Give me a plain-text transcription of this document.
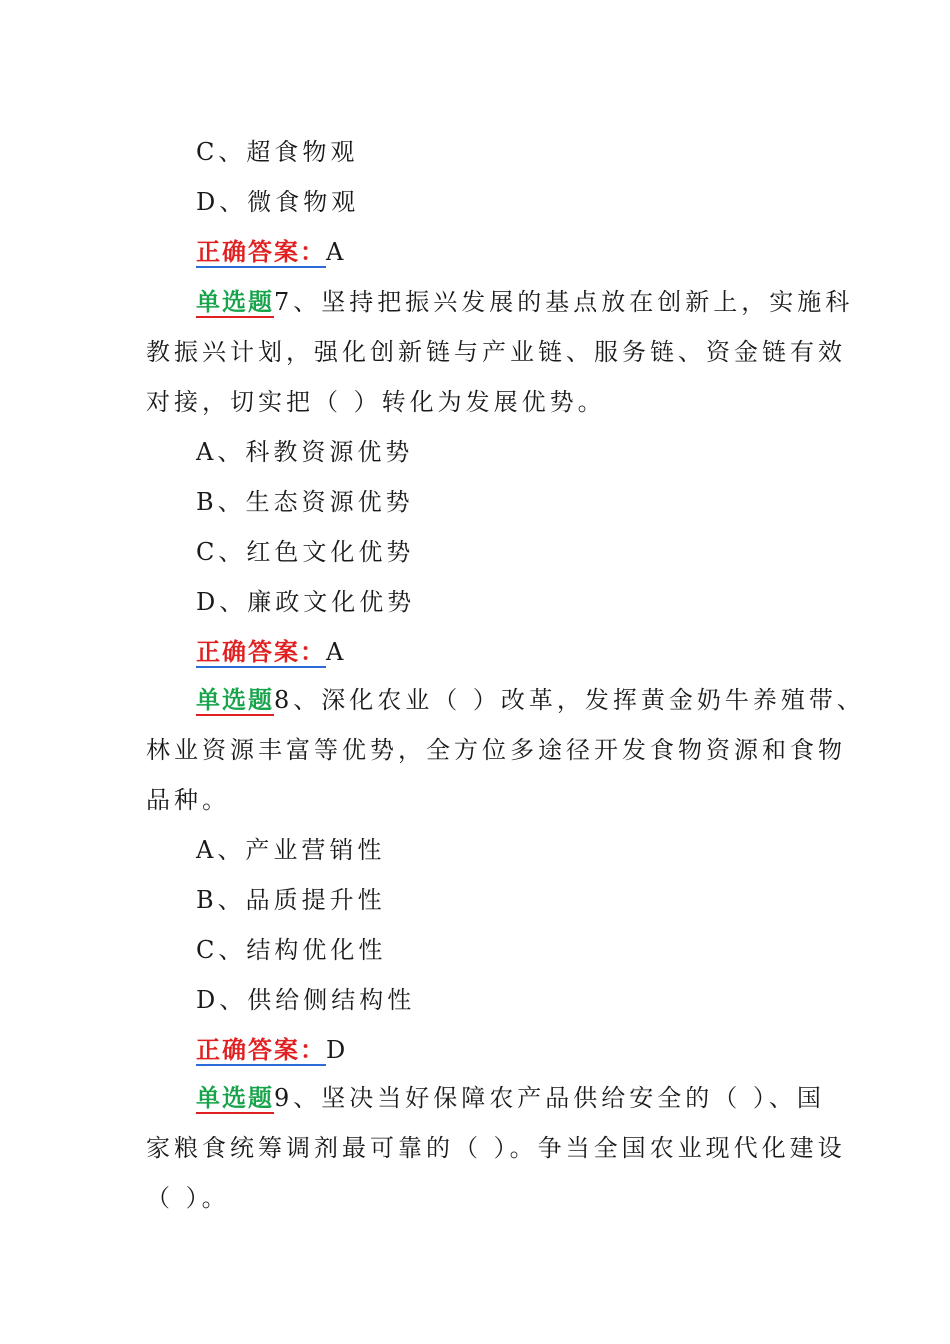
C、超食物观
D、微食物观
正确答案：A
单选题7、坚持把振兴发展的基点放在创新上，实施科
教振兴计划，强化创新链与产业链、服务链、资金链有效
对接，切实把（ ）转化为发展优势。
A、科教资源优势
B、生态资源优势
C、红色文化优势
D、廉政文化优势
正确答案：A
单选题8、深化农业（ ）改革，发挥黄金奶牛养殖带、
林业资源丰富等优势，全方位多途径开发食物资源和食物
品种。
A、产业营销性
B、品质提升性
C、结构优化性
D、供给侧结构性
正确答案：D
单选题9、坚决当好保障农产品供给安全的（ ）、国
家粮食统筹调剂最可靠的（ ）。争当全国农业现代化建设
（ ）。
